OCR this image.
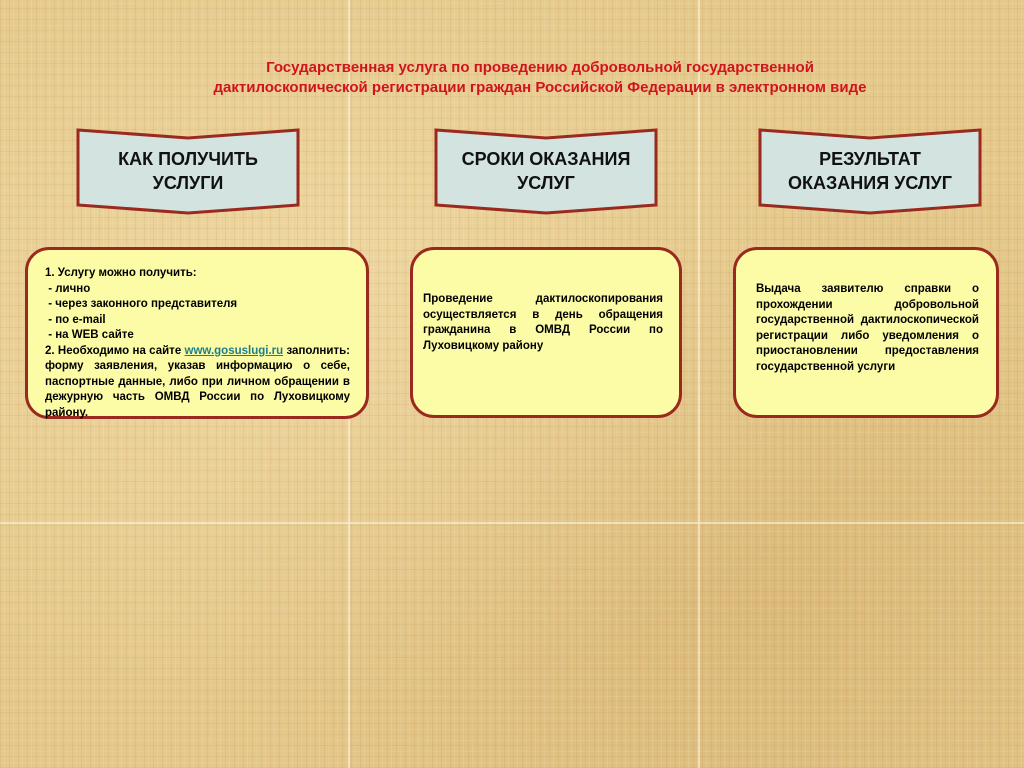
Государственная услуга по проведению добровольной государственной
дактилоскопической регистрации граждан Российской Федерации в электронном виде
КАК ПОЛУЧИТЬ
УСЛУГИ
СРОКИ ОКАЗАНИЯ
УСЛУГ
РЕЗУЛЬТАТ
ОКАЗАНИЯ УСЛУГ
1. Услугу можно получить:
- лично
- через законного представителя
- по e-mail
- на WEB сайте
2. Необходимо на сайте www.gosuslugi.ru заполнить: форму заявления, указав информацию о себе, паспортные данные, либо при личном обращении в дежурную часть ОМВД России по Луховицкому району.
Проведение дактилоскопирования осуществляется в день обращения гражданина в ОМВД России по Луховицкому району
Выдача заявителю справки о прохождении добровольной государственной дактилоскопической регистрации либо уведомления о приостановлении предоставления государственной услуги
